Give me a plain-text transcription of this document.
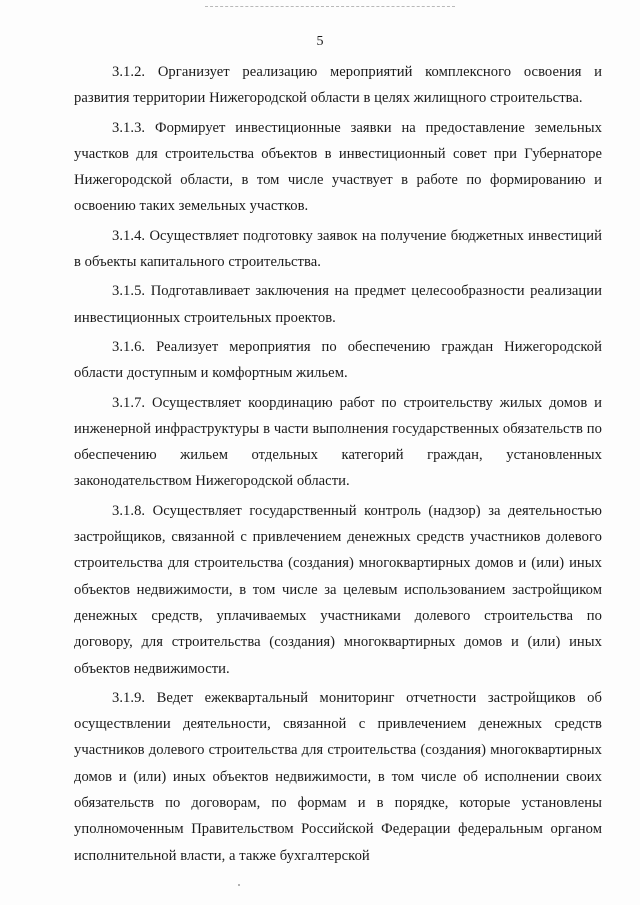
5

3.1.2. Организует реализацию мероприятий комплексного освоения и развития территории Нижегородской области в целях жилищного строительства.

3.1.3. Формирует инвестиционные заявки на предоставление земельных участков для строительства объектов в инвестиционный совет при Губернаторе Нижегородской области, в том числе участвует в работе по формированию и освоению таких земельных участков.

3.1.4. Осуществляет подготовку заявок на получение бюджетных инвестиций в объекты капитального строительства.

3.1.5. Подготавливает заключения на предмет целесообразности реализации инвестиционных строительных проектов.

3.1.6. Реализует мероприятия по обеспечению граждан Нижегородской области доступным и комфортным жильем.

3.1.7. Осуществляет координацию работ по строительству жилых домов и инженерной инфраструктуры в части выполнения государственных обязательств по обеспечению жильем отдельных категорий граждан, установленных законодательством Нижегородской области.

3.1.8. Осуществляет государственный контроль (надзор) за деятельностью застройщиков, связанной с привлечением денежных средств участников долевого строительства для строительства (создания) многоквартирных домов и (или) иных объектов недвижимости, в том числе за целевым использованием застройщиком денежных средств, уплачиваемых участниками долевого строительства по договору, для строительства (создания) многоквартирных домов и (или) иных объектов недвижимости.

3.1.9. Ведет ежеквартальный мониторинг отчетности застройщиков об осуществлении деятельности, связанной с привлечением денежных средств участников долевого строительства для строительства (создания) многоквартирных домов и (или) иных объектов недвижимости, в том числе об исполнении своих обязательств по договорам, по формам и в порядке, которые установлены уполномоченным Правительством Российской Федерации федеральным органом исполнительной власти, а также бухгалтерской
